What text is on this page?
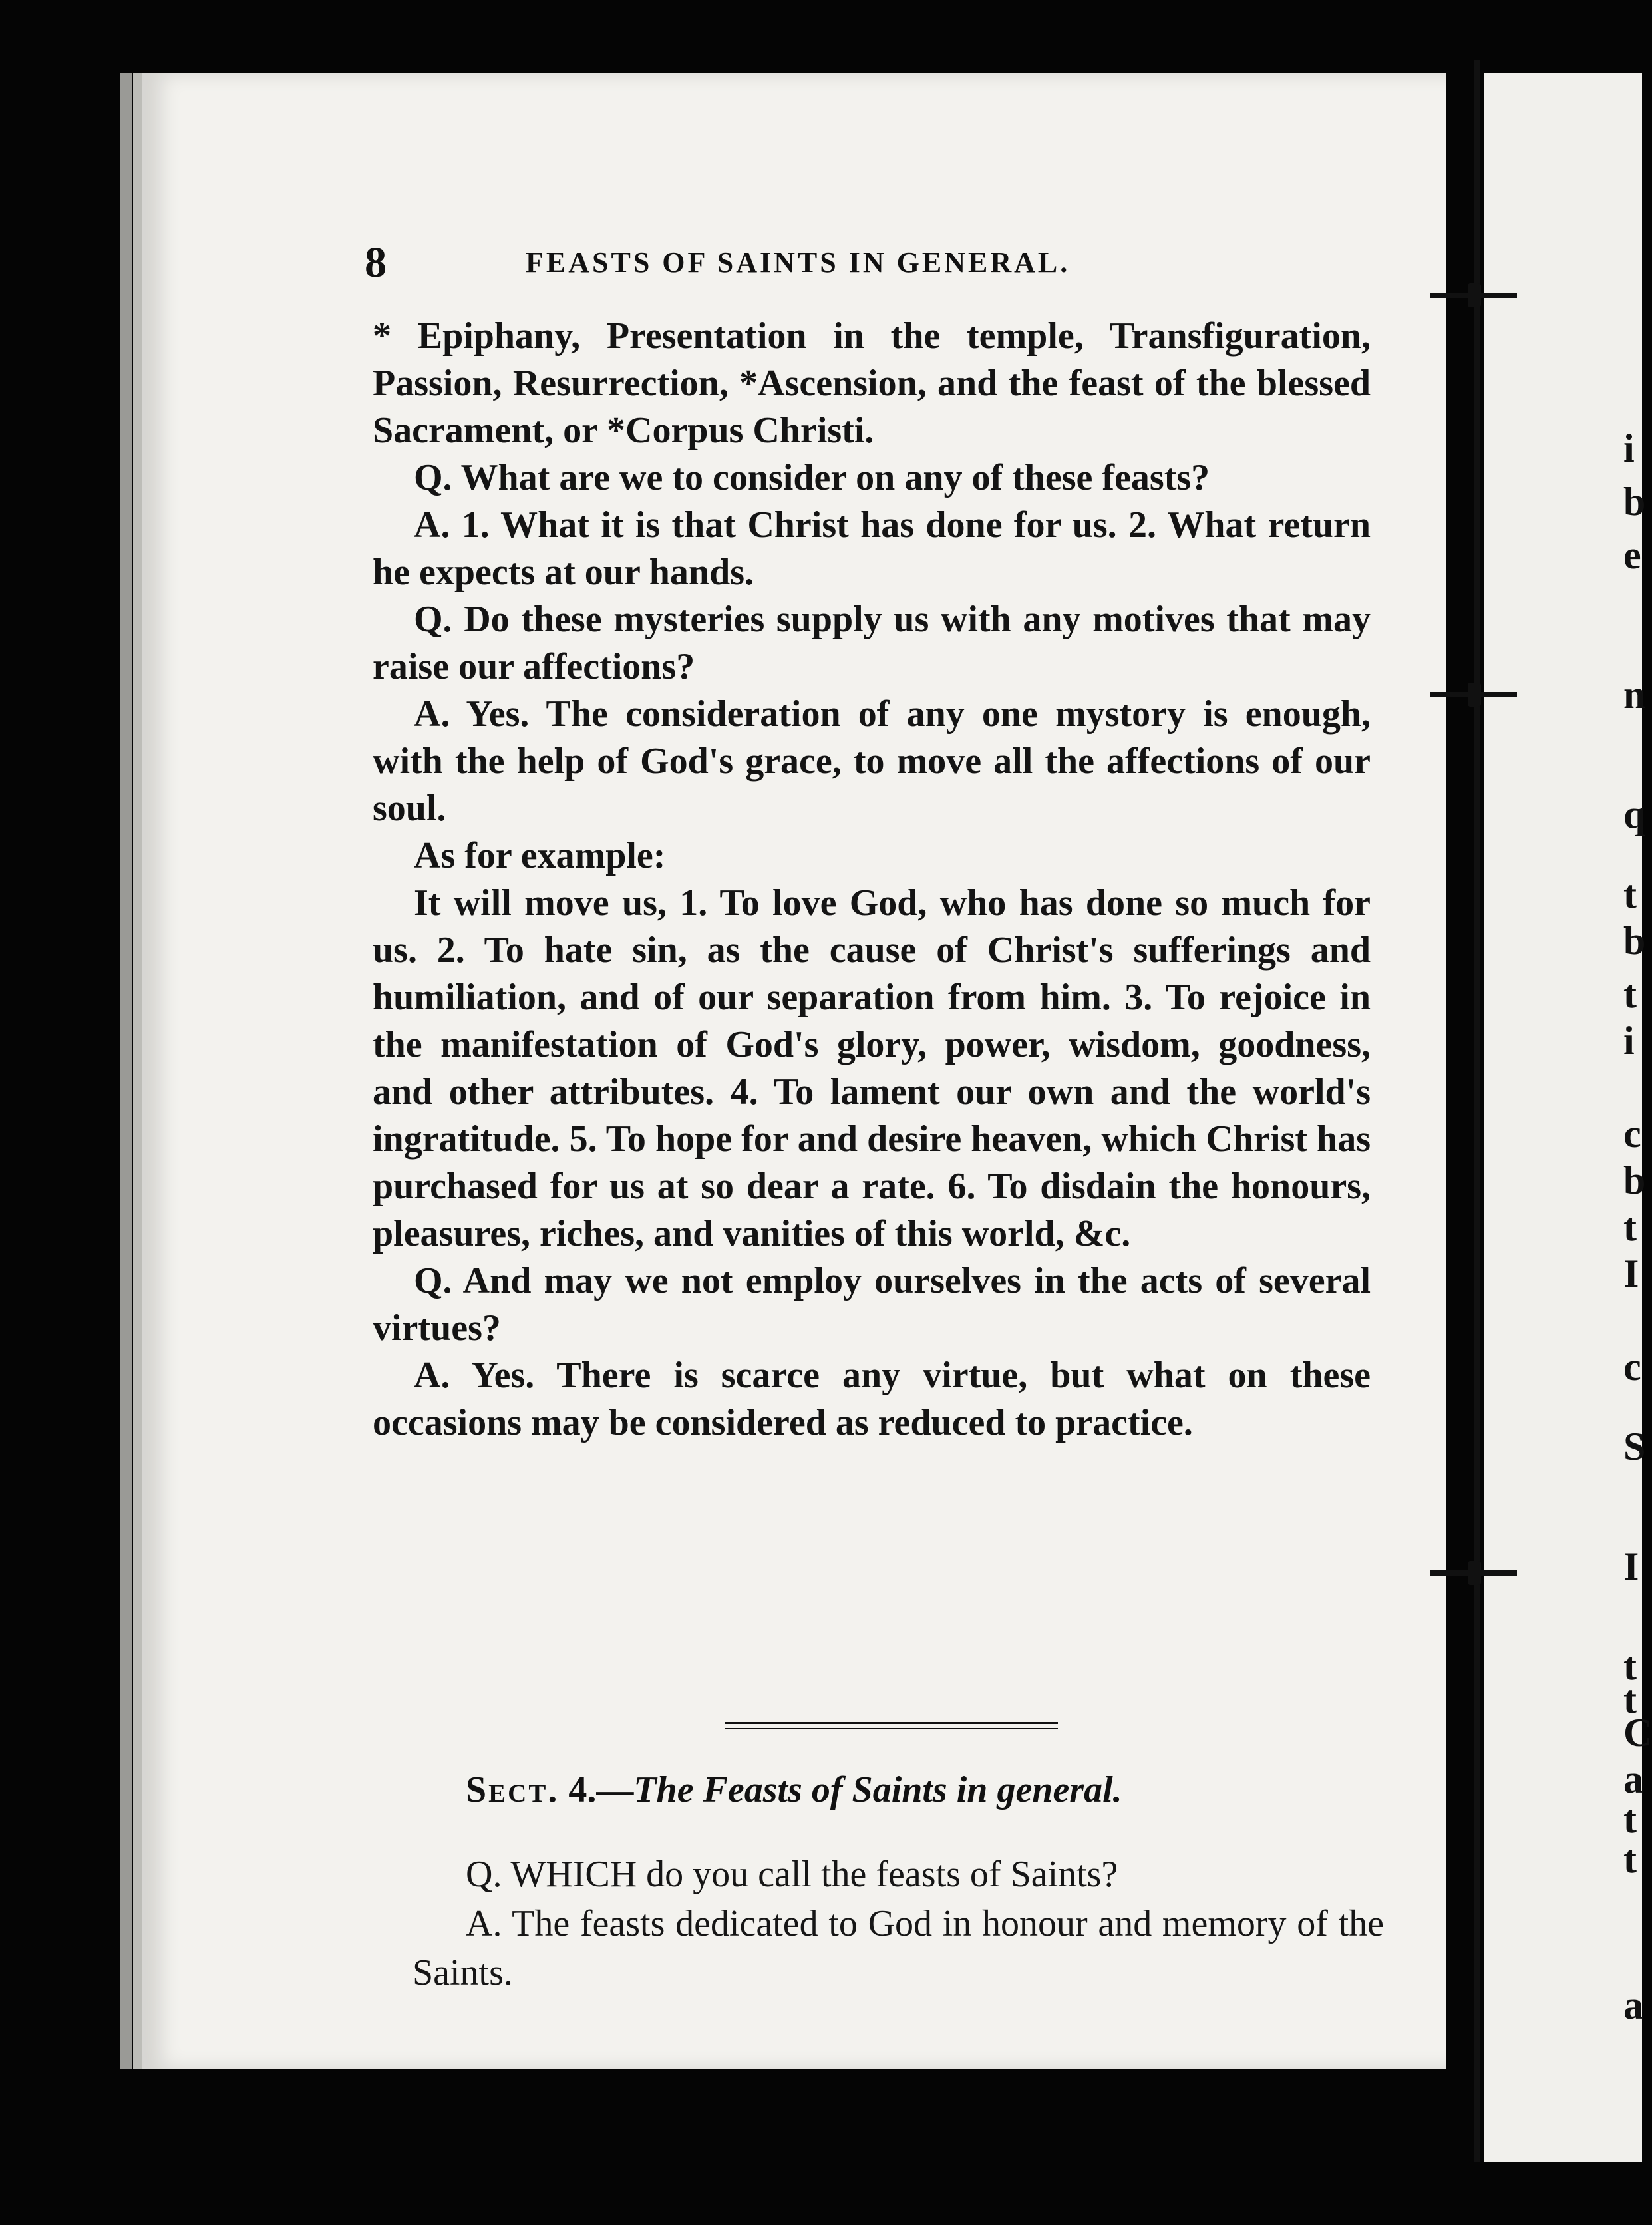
8	FEASTS OF SAINTS IN GENERAL.

* Epiphany, Presentation in the temple, Transfiguration, Passion, Resurrection, *Ascension, and the feast of the blessed Sacrament, or *Corpus Christi.

Q. What are we to consider on any of these feasts?

A. 1. What it is that Christ has done for us. 2. What return he expects at our hands.

Q. Do these mysteries supply us with any motives that may raise our affections?

A. Yes. The consideration of any one mystory is enough, with the help of God's grace, to move all the affections of our soul.

As for example:

It will move us, 1. To love God, who has done so much for us. 2. To hate sin, as the cause of Christ's sufferings and humiliation, and of our separation from him. 3. To rejoice in the manifestation of God's glory, power, wisdom, goodness, and other attributes. 4. To lament our own and the world's ingratitude. 5. To hope for and desire heaven, which Christ has purchased for us at so dear a rate. 6. To disdain the honours, pleasures, riches, and vanities of this world, &c.

Q. And may we not employ ourselves in the acts of several virtues?

A. Yes. There is scarce any virtue, but what on these occasions may be considered as reduced to practice.

Sect. 4.—The Feasts of Saints in general.

Q. WHICH do you call the feasts of Saints?

A. The feasts dedicated to God in honour and memory of the Saints.

i
b
e
n
q
t
b
t
i
c
b
t
I
c
S
I
t
t
C
a
t
t
a
